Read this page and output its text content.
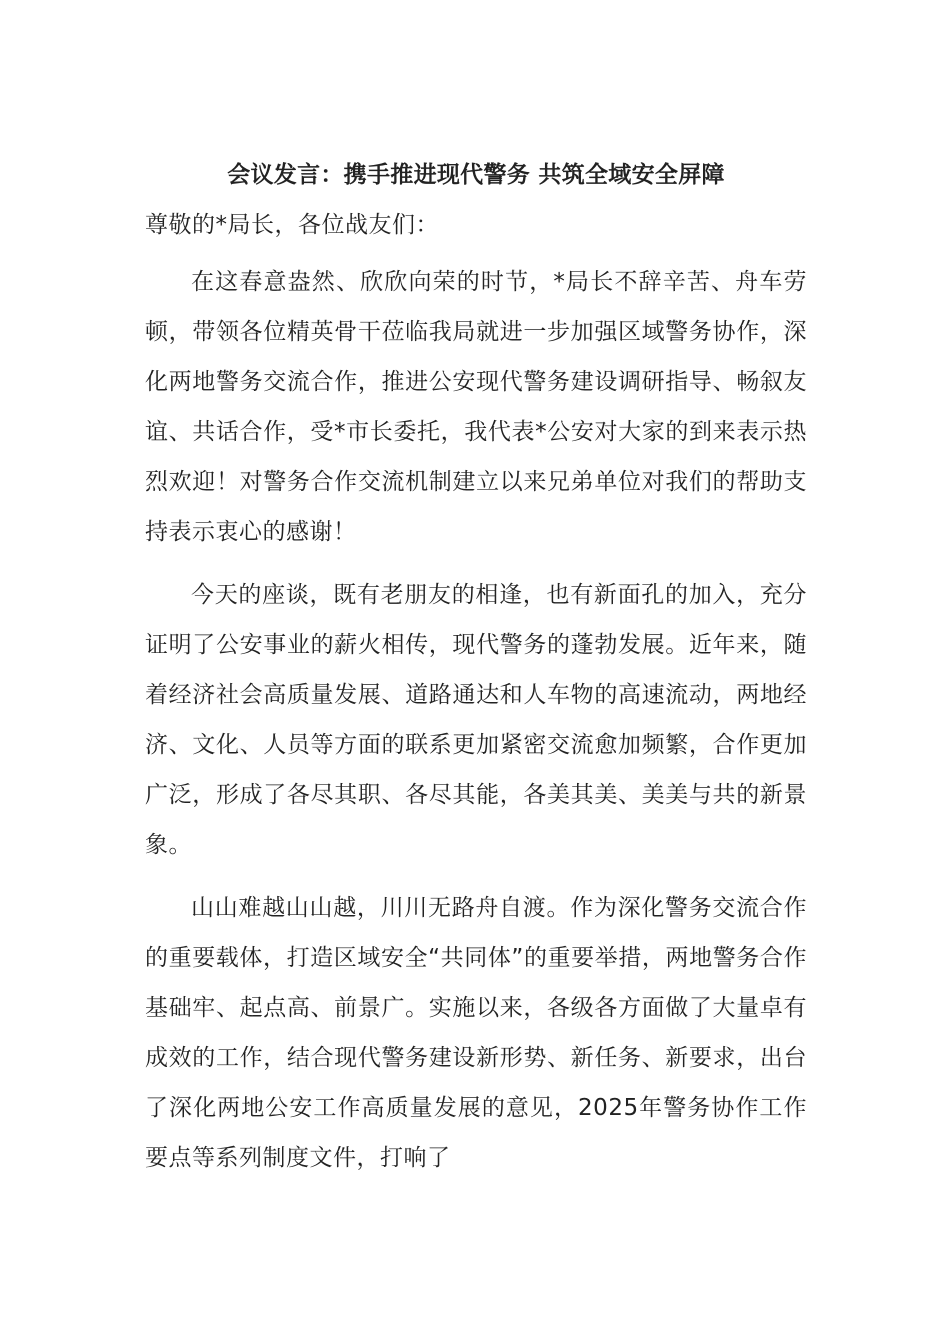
会议发言：携手推进现代警务 共筑全域安全屏障

尊敬的*局长，各位战友们：

在这春意盎然、欣欣向荣的时节，*局长不辞辛苦、舟车劳顿，带领各位精英骨干莅临我局就进一步加强区域警务协作，深化两地警务交流合作，推进公安现代警务建设调研指导、畅叙友谊、共话合作，受*市长委托，我代表*公安对大家的到来表示热烈欢迎！对警务合作交流机制建立以来兄弟单位对我们的帮助支持表示衷心的感谢！

今天的座谈，既有老朋友的相逢，也有新面孔的加入，充分证明了公安事业的薪火相传，现代警务的蓬勃发展。近年来，随着经济社会高质量发展、道路通达和人车物的高速流动，两地经济、文化、人员等方面的联系更加紧密交流愈加频繁，合作更加广泛，形成了各尽其职、各尽其能，各美其美、美美与共的新景象。

山山难越山山越，川川无路舟自渡。作为深化警务交流合作的重要载体，打造区域安全“共同体”的重要举措，两地警务合作基础牢、起点高、前景广。实施以来，各级各方面做了大量卓有成效的工作，结合现代警务建设新形势、新任务、新要求，出台了深化两地公安工作高质量发展的意见，2025年警务协作工作要点等系列制度文件，打响了
